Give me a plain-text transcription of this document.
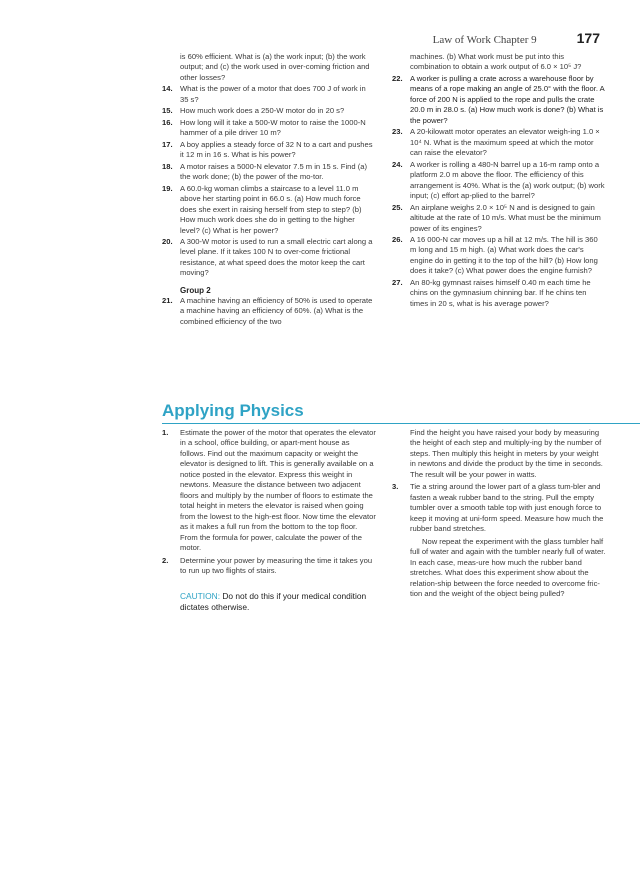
Law of Work Chapter 9	177
is 60% efficient. What is (a) the work input; (b) the work output; and (c) the work used in over-coming friction and other losses?
14. What is the power of a motor that does 700 J of work in 35 s?
15. How much work does a 250-W motor do in 20 s?
16. How long will it take a 500-W motor to raise the 1000-N hammer of a pile driver 10 m?
17. A boy applies a steady force of 32 N to a cart and pushes it 12 m in 16 s. What is his power?
18. A motor raises a 5000-N elevator 7.5 m in 15 s. Find (a) the work done; (b) the power of the mo-tor.
19. A 60.0-kg woman climbs a staircase to a level 11.0 m above her starting point in 66.0 s. (a) How much force does she exert in raising herself from step to step? (b) How much work does she do in getting to the higher level? (c) What is her power?
20. A 300-W motor is used to run a small electric cart along a level plane. If it takes 100 N to over-come frictional resistance, at what speed does the motor keep the cart moving?
Group 2
21. A machine having an efficiency of 50% is used to operate a machine having an efficiency of 60%. (a) What is the combined efficiency of the two
machines. (b) What work must be put into this combination to obtain a work output of 6.0 × 10⁵ J?
22. A worker is pulling a crate across a warehouse floor by means of a rope making an angle of 25.0° with the floor. A force of 200 N is applied to the rope and pulls the crate 20.0 m in 28.0 s. (a) How much work is done? (b) What is the power?
23. A 20-kilowatt motor operates an elevator weigh-ing 1.0 × 10⁴ N. What is the maximum speed at which the motor can raise the elevator?
24. A worker is rolling a 480-N barrel up a 16-m ramp onto a platform 2.0 m above the floor. The efficiency of this arrangement is 40%. What is the (a) work output; (b) work input; (c) effort ap-plied to the barrel?
25. An airplane weighs 2.0 × 10⁵ N and is designed to gain altitude at the rate of 10 m/s. What must be the minimum power of its engines?
26. A 16 000-N car moves up a hill at 12 m/s. The hill is 360 m long and 15 m high. (a) What work does the car's engine do in getting it to the top of the hill? (b) How long does it take? (c) What power does the engine furnish?
27. An 80-kg gymnast raises himself 0.40 m each time he chins on the gymnasium chinning bar. If he chins ten times in 20 s, what is his average power?
Applying Physics
1. Estimate the power of the motor that operates the elevator in a school, office building, or apart-ment house as follows. Find out the maximum capacity or weight the elevator is designed to lift. This is generally available on a notice posted in the elevator. Express this weight in newtons. Measure the distance between two adjacent floors and multiply by the number of floors to estimate the total height in meters the elevator is raised when going from the lowest to the high-est floor. Now time the elevator as it makes a full run from the bottom to the top floor. From the formula for power, calculate the power of the motor.
2. Determine your power by measuring the time it takes you to run up two flights of stairs.
CAUTION: Do not do this if your medical condition dictates otherwise.
Find the height you have raised your body by measuring the height of each step and multiply-ing by the number of steps. Then multiply this height in meters by your weight in newtons and divide the product by the time in seconds. The result will be your power in watts.
3. Tie a string around the lower part of a glass tum-bler and fasten a weak rubber band to the string. Pull the empty tumbler over a smooth table top with just enough force to keep it moving at uni-form speed. Measure how much the rubber band stretches.
Now repeat the experiment with the glass tumbler half full of water and again with the tumbler nearly full of water. In each case, meas-ure how much the rubber band stretches. What does this experiment show about the relation-ship between the force needed to overcome fric-tion and the weight of the object being pulled?
